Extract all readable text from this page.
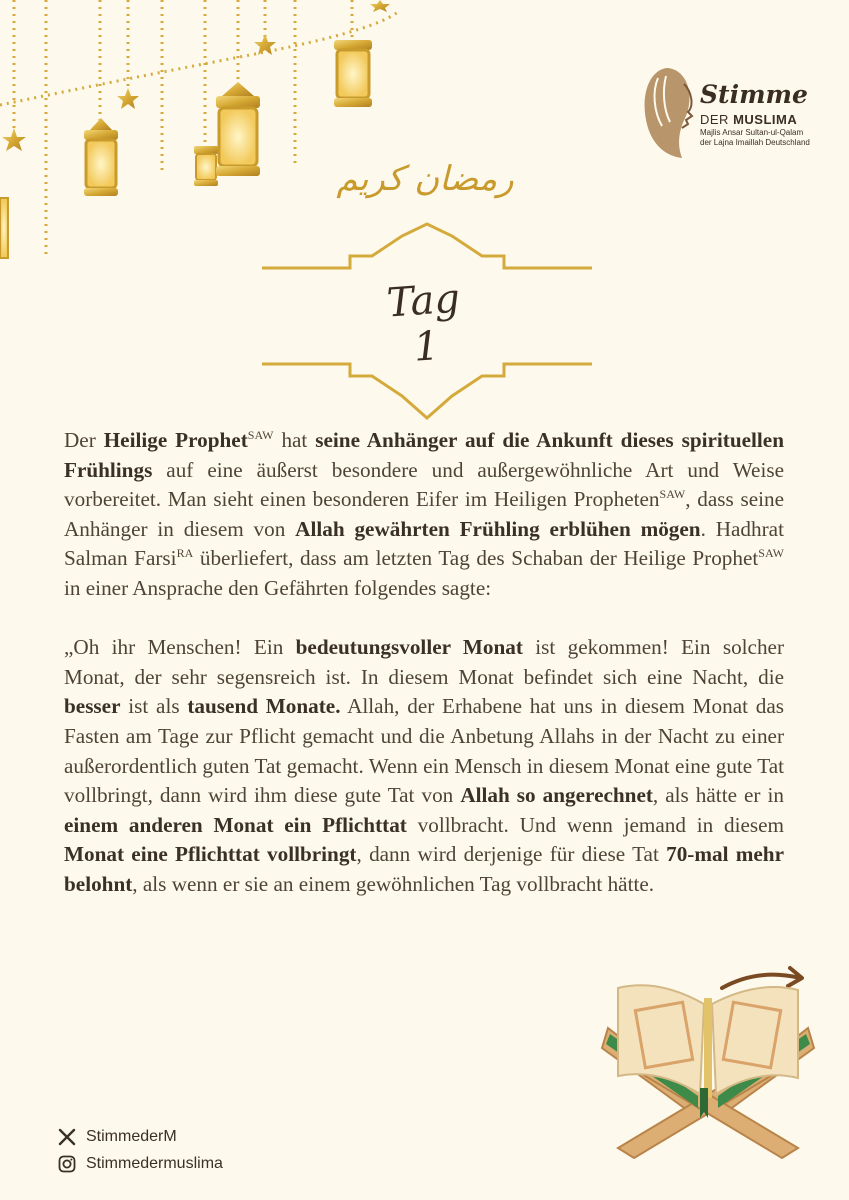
Stimme
DER MUSLIMA
Majlis Ansar Sultan-ul-Qalam
der Lajna Imaillah Deutschland
رمضان کریم
Tag 1

Der Heilige Prophet$^{SAW}$ hat seine Anhänger auf die Ankunft dieses spirituellen Frühlings auf eine äußerst besondere und außergewöhnliche Art und Weise vorbereitet. Man sieht einen besonderen Eifer im Heiligen Propheten$^{SAW}$, dass seine Anhänger in diesem von Allah gewährten Frühling erblühen mögen. Hadhrat Salman Farsi$^{RA}$ überliefert, dass am letzten Tag des Schaban der Heilige Prophet$^{SAW}$ in einer Ansprache den Gefährten folgendes sagte:

„Oh ihr Menschen! Ein bedeutungsvoller Monat ist gekommen! Ein solcher Monat, der sehr segensreich ist. In diesem Monat befindet sich eine Nacht, die besser ist als tausend Monate. Allah, der Erhabene hat uns in diesem Monat das Fasten am Tage zur Pflicht gemacht und die Anbetung Allahs in der Nacht zu einer außerordentlich guten Tat gemacht. Wenn ein Mensch in diesem Monat eine gute Tat vollbringt, dann wird ihm diese gute Tat von Allah so angerechnet, als hätte er in einem anderen Monat ein Pflichttat vollbracht. Und wenn jemand in diesem Monat eine Pflichttat vollbringt, dann wird derjenige für diese Tat 70-mal mehr belohnt, als wenn er sie an einem gewöhnlichen Tag vollbracht hätte.

StimmederM
Stimmedermuslima
